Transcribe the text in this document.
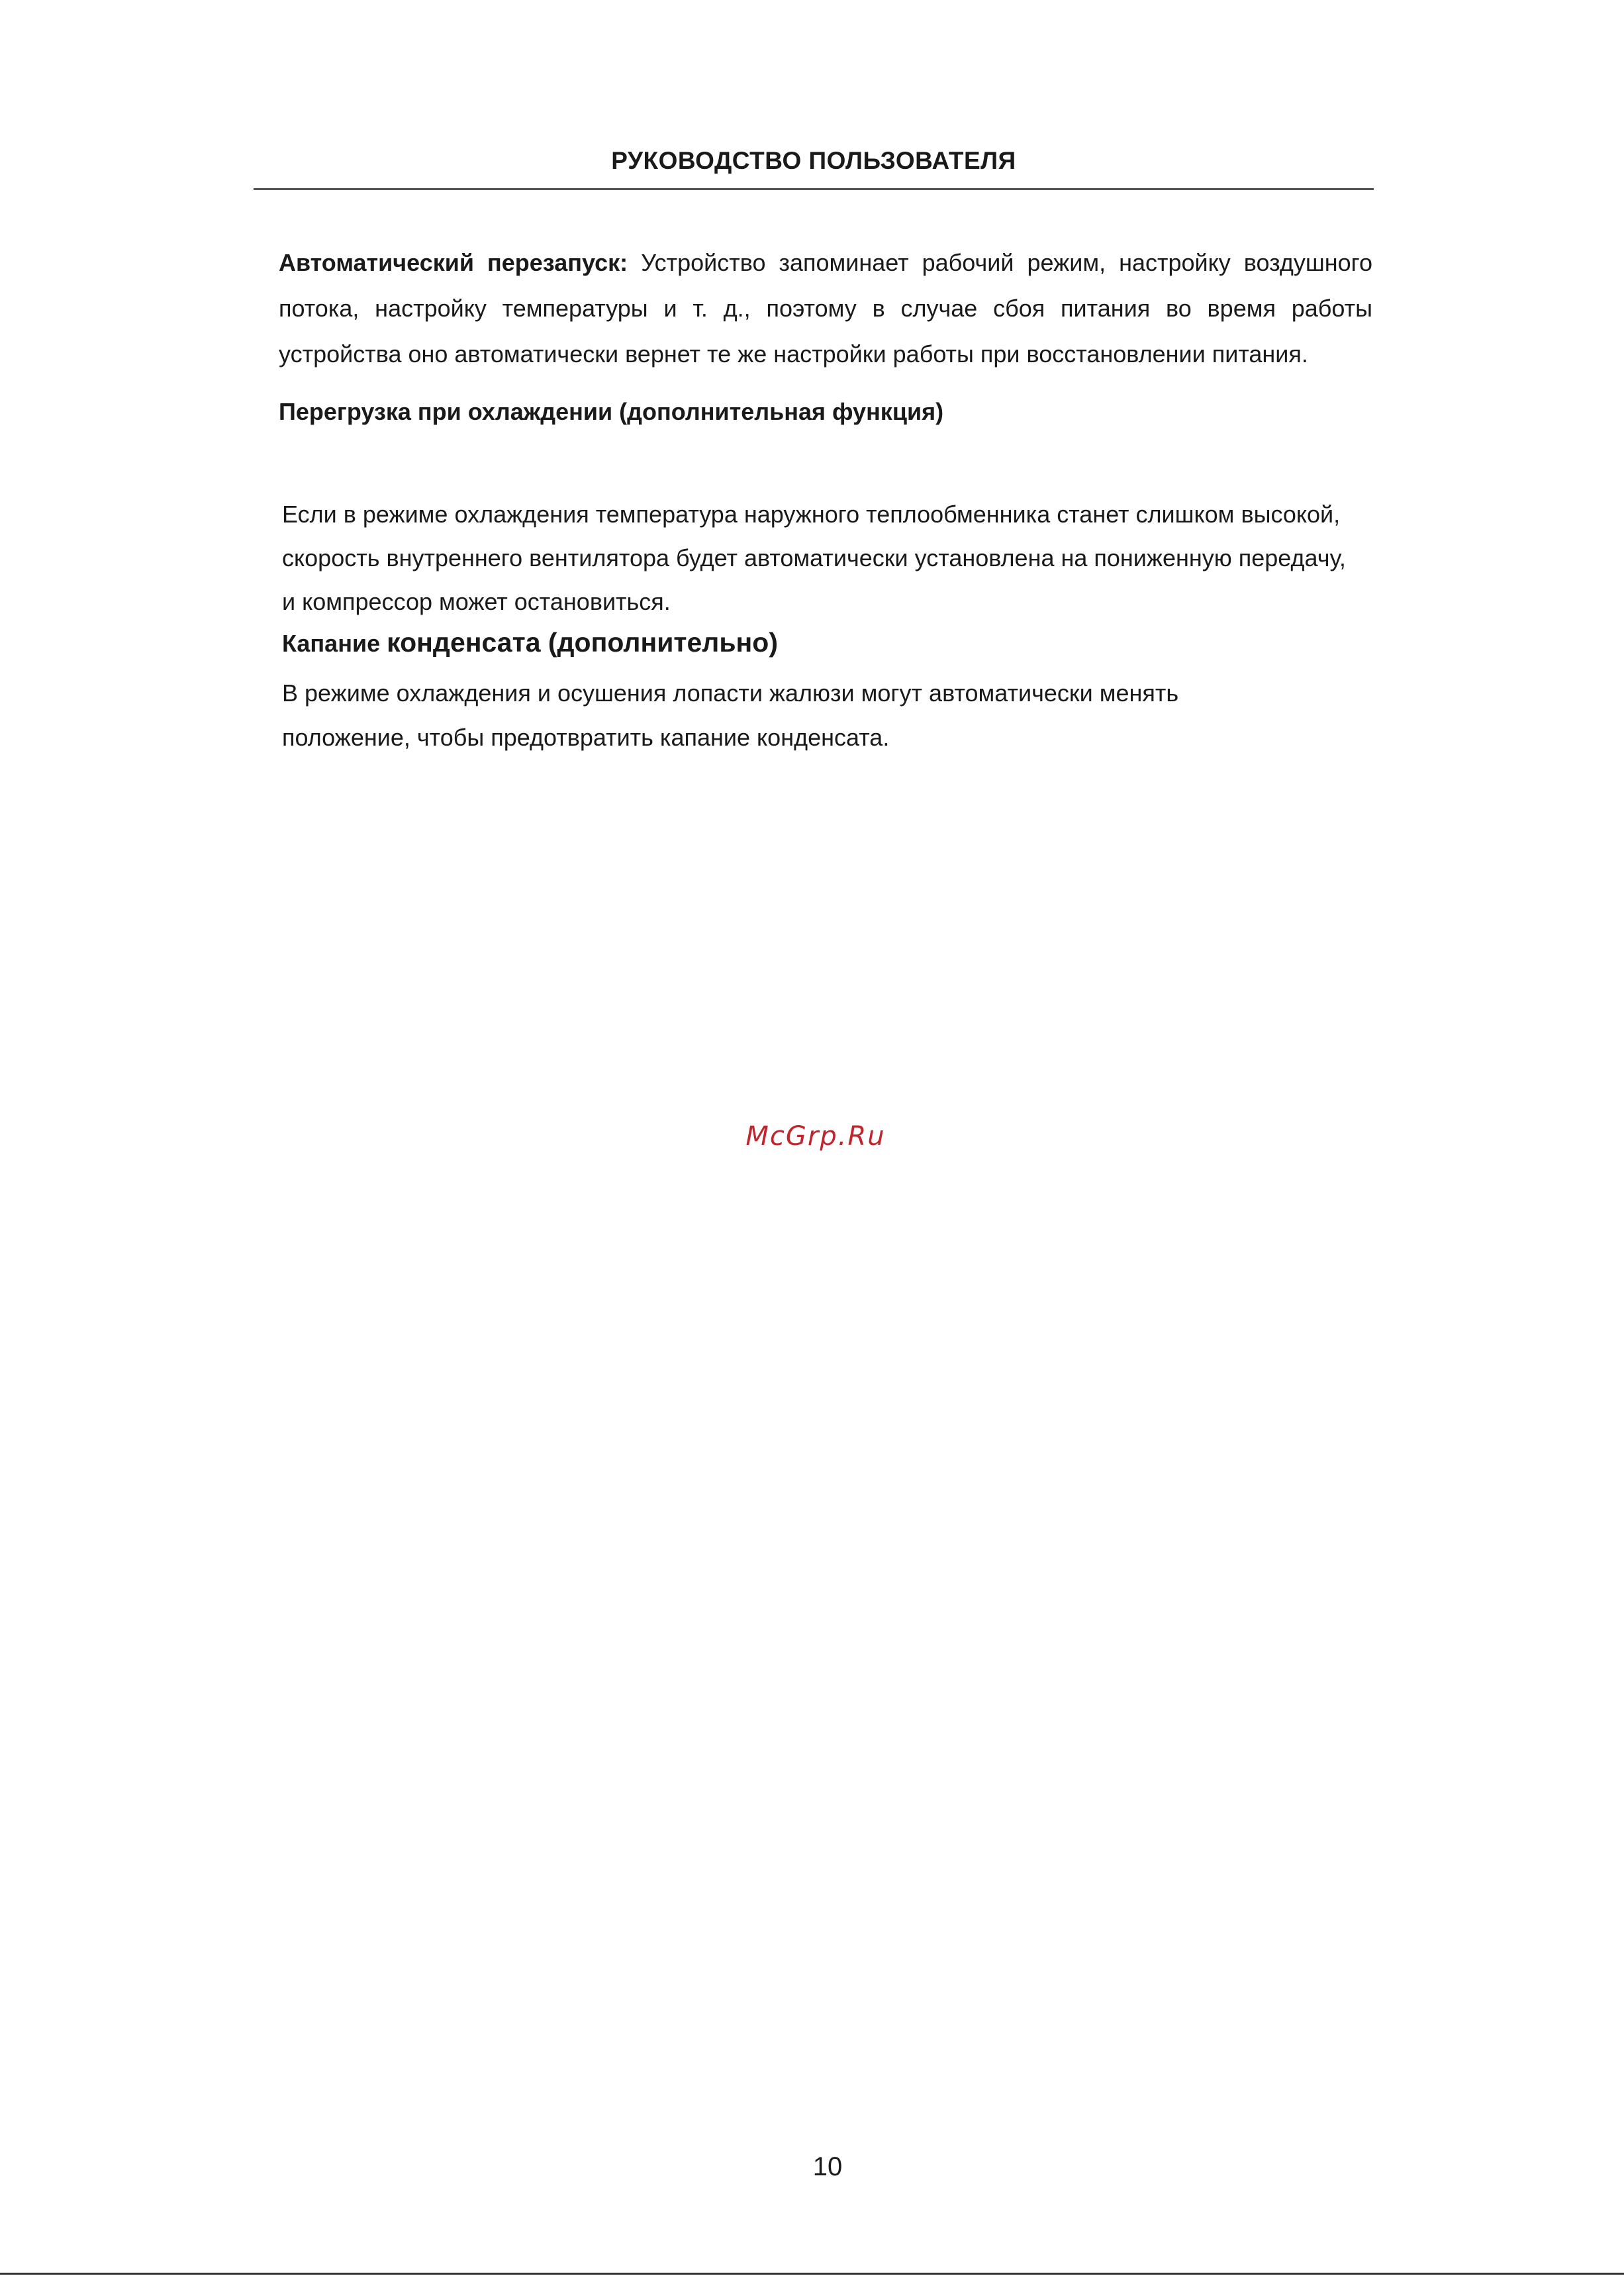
РУКОВОДСТВО ПОЛЬЗОВАТЕЛЯ
Автоматический перезапуск: Устройство запоминает рабочий режим, настройку воздушного
потока, настройку температуры и т. д., поэтому в случае сбоя питания во время работы
устройства оно автоматически вернет те же настройки работы при восстановлении питания.
Перегрузка при охлаждении (дополнительная функция)
Если в режиме охлаждения температура наружного теплообменника станет слишком высокой,
скорость внутреннего вентилятора будет автоматически установлена на пониженную передачу,
и компрессор может остановиться.
Капание конденсата (дополнительно)
В режиме охлаждения и осушения лопасти жалюзи могут автоматически менять
положение, чтобы предотвратить капание конденсата.
McGrp.Ru
10
